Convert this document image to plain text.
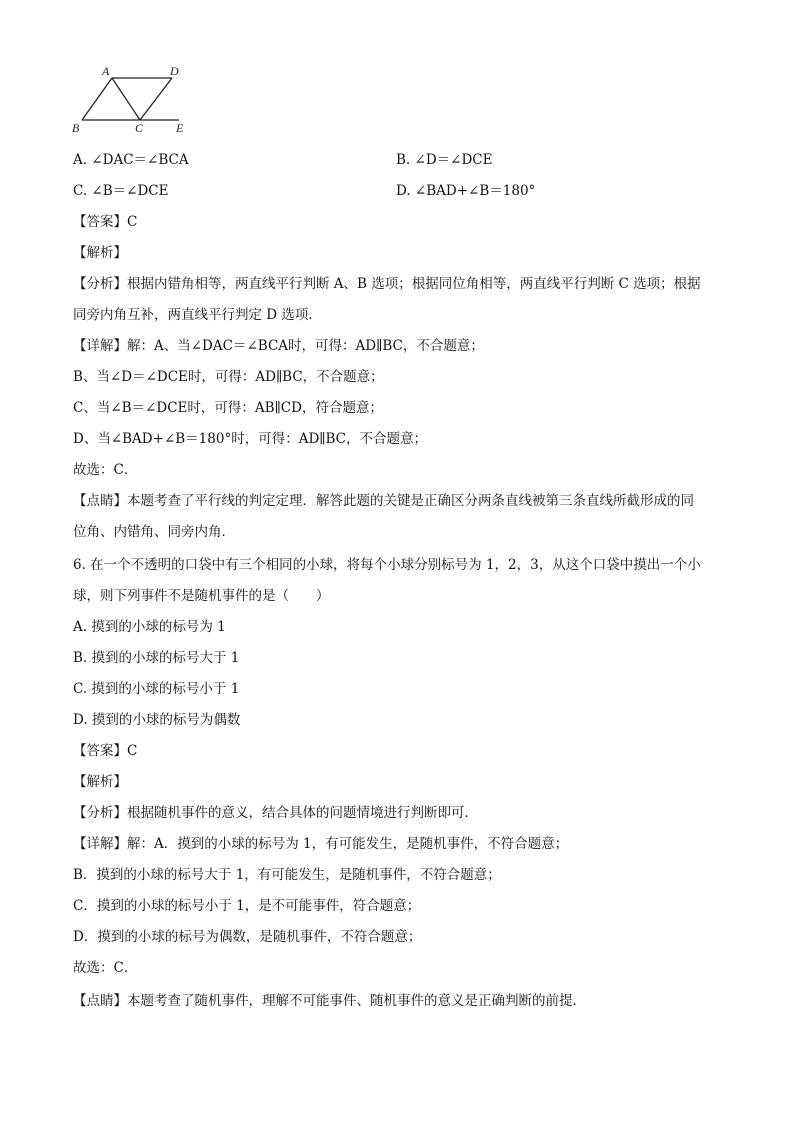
A	D
B	C	E
A. ∠DAC＝∠BCA	B. ∠D＝∠DCE
C. ∠B＝∠DCE	D. ∠BAD+∠B＝180°
【答案】C
【解析】
【分析】根据内错角相等，两直线平行判断 A、B 选项；根据同位角相等，两直线平行判断 C 选项；根据
同旁内角互补，两直线平行判定 D 选项．
【详解】解：A、当∠DAC＝∠BCA时，可得：AD∥BC，不合题意；
B、当∠D＝∠DCE时，可得：AD∥BC，不合题意；
C、当∠B＝∠DCE时，可得：AB∥CD，符合题意；
D、当∠BAD+∠B＝180°时，可得：AD∥BC，不合题意；
故选：C．
【点睛】本题考查了平行线的判定定理．解答此题的关键是正确区分两条直线被第三条直线所截形成的同
位角、内错角、同旁内角．
6. 在一个不透明的口袋中有三个相同的小球，将每个小球分别标号为 1，2，3，从这个口袋中摸出一个小
球，则下列事件不是随机事件的是（　　）
A. 摸到的小球的标号为 1
B. 摸到的小球的标号大于 1
C. 摸到的小球的标号小于 1
D. 摸到的小球的标号为偶数
【答案】C
【解析】
【分析】根据随机事件的意义，结合具体的问题情境进行判断即可．
【详解】解：A．摸到的小球的标号为 1，有可能发生，是随机事件，不符合题意；
B．摸到的小球的标号大于 1，有可能发生，是随机事件，不符合题意；
C．摸到的小球的标号小于 1，是不可能事件，符合题意；
D．摸到的小球的标号为偶数，是随机事件，不符合题意；
故选：C．
【点睛】本题考查了随机事件，理解不可能事件、随机事件的意义是正确判断的前提．
